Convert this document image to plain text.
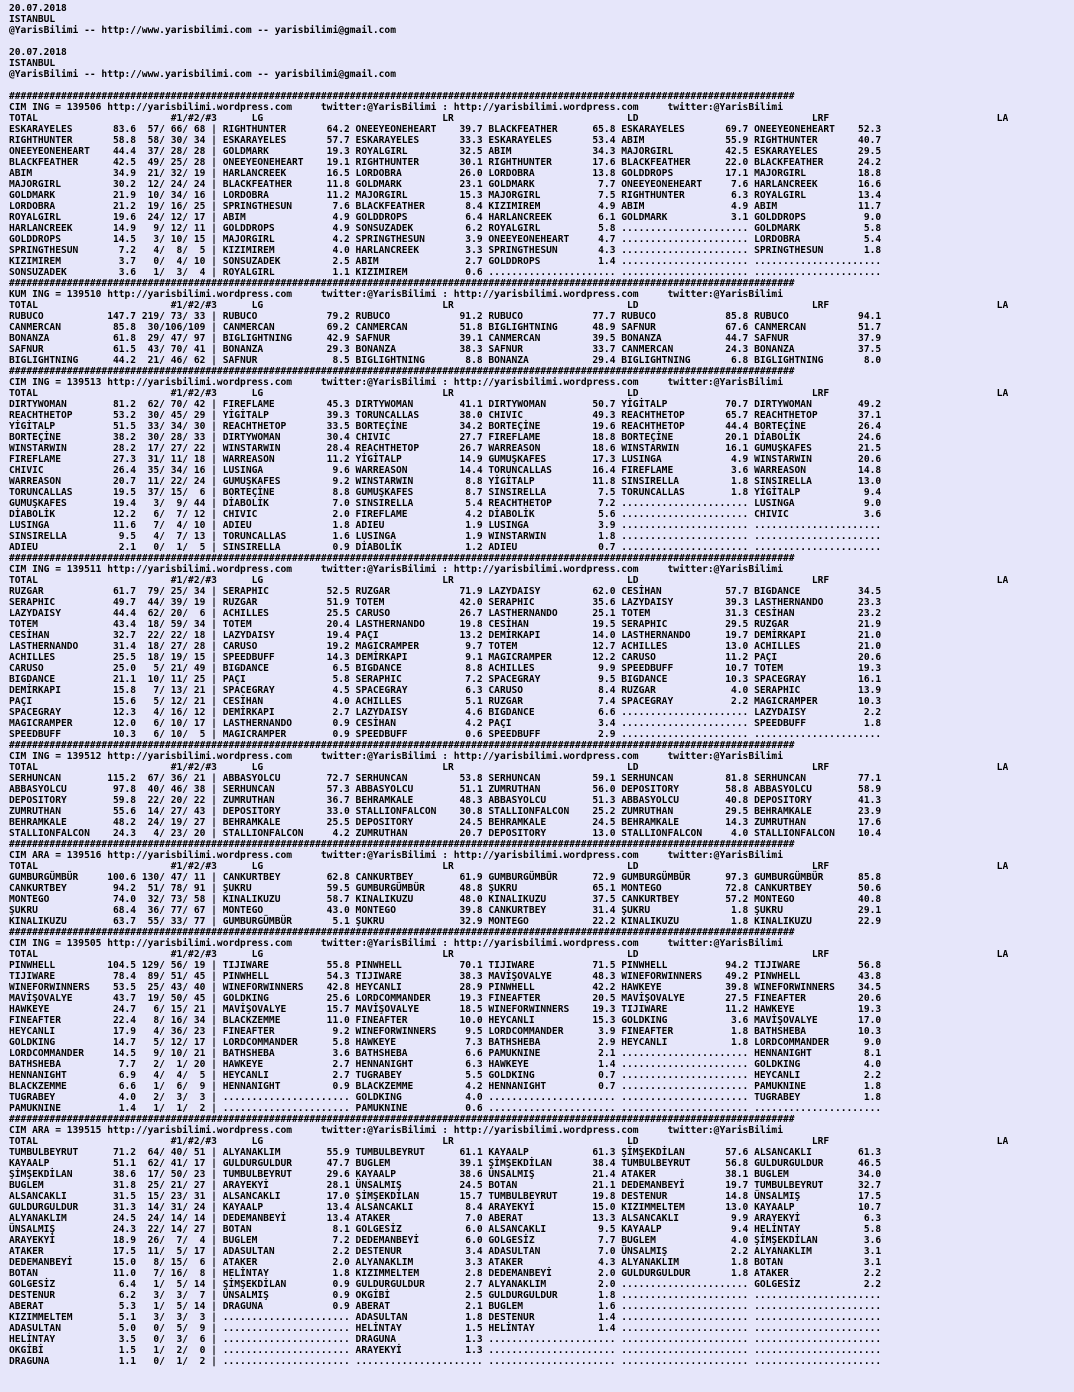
20.07.2018
ISTANBUL
@YarisBilimi -- http://www.yarisbilimi.com -- yarisbilimi@gmail.com

20.07.2018
ISTANBUL
@YarisBilimi -- http://www.yarisbilimi.com -- yarisbilimi@gmail.com

########################################################################################################################################
CIM ING = 139506 http://yarisbilimi.wordpress.com     twitter:@YarisBilimi : http://yarisbilimi.wordpress.com     twitter:@YarisBilimi
TOTAL                       #1/#2/#3      LG                               LR                              LD                              LRF                             LA
ESKARAYELES       83.6  57/ 66/ 68 | RIGHTHUNTER       64.2 ONEEYEONEHEART    39.7 BLACKFEATHER      65.8 ESKARAYELES       69.7 ONEEYEONEHEART    52.3
RIGHTHUNTER       58.8  58/ 30/ 34 | ESKARAYELES       57.7 ESKARAYELES       33.3 ESKARAYELES       53.4 ABIM              55.9 RIGHTHUNTER       40.7
ONEEYEONEHEART    44.4  37/ 28/ 28 | GOLDMARK          19.3 ROYALGIRL         32.5 ABIM              34.3 MAJORGIRL         42.5 ESKARAYELES       29.5
BLACKFEATHER      42.5  49/ 25/ 28 | ONEEYEONEHEART    19.1 RIGHTHUNTER       30.1 RIGHTHUNTER       17.6 BLACKFEATHER      22.0 BLACKFEATHER      24.2
ABIM              34.9  21/ 32/ 19 | HARLANCREEK       16.5 LORDOBRA          26.0 LORDOBRA          13.8 GOLDDROPS         17.1 MAJORGIRL         18.8
MAJORGIRL         30.2  12/ 24/ 24 | BLACKFEATHER      11.8 GOLDMARK          23.1 GOLDMARK           7.7 ONEEYEONEHEART     7.6 HARLANCREEK       16.6
GOLDMARK          21.9  10/ 34/ 16 | LORDOBRA          11.2 MAJORGIRL         15.3 MAJORGIRL          7.5 RIGHTHUNTER        6.3 ROYALGIRL         13.4
LORDOBRA          21.2  19/ 16/ 25 | SPRINGTHESUN       7.6 BLACKFEATHER       8.4 KIZIMIREM          4.9 ABIM               4.9 ABIM              11.7
ROYALGIRL         19.6  24/ 12/ 17 | ABIM               4.9 GOLDDROPS          6.4 HARLANCREEK        6.1 GOLDMARK           3.1 GOLDDROPS          9.0
HARLANCREEK       14.9   9/ 12/ 11 | GOLDDROPS          4.9 SONSUZADEK         6.2 ROYALGIRL          5.8 ...................... GOLDMARK           5.8
GOLDDROPS         14.5   3/ 10/ 15 | MAJORGIRL          4.2 SPRINGTHESUN       3.9 ONEEYEONEHEART     4.7 ...................... LORDOBRA           5.4
SPRINGTHESUN       7.2   4/  8/  5 | KIZIMIREM          4.0 HARLANCREEK        3.3 SPRINGTHESUN       4.3 ...................... SPRINGTHESUN       1.8
KIZIMIREM          3.7   0/  4/ 10 | SONSUZADEK         2.5 ABIM               2.7 GOLDDROPS          1.4 ...................... ......................
SONSUZADEK         3.6   1/  3/  4 | ROYALGIRL          1.1 KIZIMIREM          0.6 ...................... ...................... ......................
########################################################################################################################################
KUM ING = 139510 http://yarisbilimi.wordpress.com     twitter:@YarisBilimi : http://yarisbilimi.wordpress.com     twitter:@YarisBilimi
TOTAL                       #1/#2/#3      LG                               LR                              LD                              LRF                             LA
RUBUCO           147.7 219/ 73/ 33 | RUBUCO            79.2 RUBUCO            91.2 RUBUCO            77.7 RUBUCO            85.8 RUBUCO            94.1
CANMERCAN         85.8  30/106/109 | CANMERCAN         69.2 CANMERCAN         51.8 BIGLIGHTNING      48.9 SAFNUR            67.6 CANMERCAN         51.7
BONANZA           61.8  29/ 47/ 97 | BIGLIGHTNING      42.9 SAFNUR            39.1 CANMERCAN         39.5 BONANZA           44.7 SAFNUR            37.9
SAFNUR            61.5  43/ 70/ 41 | BONANZA           29.3 BONANZA           38.3 SAFNUR            33.7 CANMERCAN         24.3 BONANZA           37.5
BIGLIGHTNING      44.2  21/ 46/ 62 | SAFNUR             8.5 BIGLIGHTNING       8.8 BONANZA           29.4 BIGLIGHTNING       6.8 BIGLIGHTNING       8.0
########################################################################################################################################
CIM ING = 139513 http://yarisbilimi.wordpress.com     twitter:@YarisBilimi : http://yarisbilimi.wordpress.com     twitter:@YarisBilimi
TOTAL                       #1/#2/#3      LG                               LR                              LD                              LRF                             LA
DIRTYWOMAN        81.2  62/ 70/ 42 | FIREFLAME         45.3 DIRTYWOMAN        41.1 DIRTYWOMAN        50.7 YİGİTALP          70.7 DIRTYWOMAN        49.2
REACHTHETOP       53.2  30/ 45/ 29 | YİGİTALP          39.3 TORUNCALLAS       38.0 CHIVIC            49.3 REACHTHETOP       65.7 REACHTHETOP       37.1
YİGİTALP          51.5  33/ 34/ 30 | REACHTHETOP       33.5 BORTEÇİNE         34.2 BORTEÇİNE         19.6 REACHTHETOP       44.4 BORTEÇİNE         26.4
BORTEÇİNE         38.2  30/ 28/ 33 | DIRTYWOMAN        30.4 CHIVIC            27.7 FIREFLAME         18.8 BORTEÇİNE         20.1 DİABOLİK          24.6
WINSTARWIN        28.2  17/ 27/ 22 | WINSTARWIN        28.4 REACHTHETOP       26.7 WARREASON         18.6 WINSTARWIN        16.1 GUMUŞKAFES        21.5
FIREFLAME         27.3  31/ 11/ 18 | WARREASON         11.2 YİGİTALP          14.9 GUMUŞKAFES        17.3 LUSINGA            4.9 WINSTARWIN        20.6
CHIVIC            26.4  35/ 34/ 16 | LUSINGA            9.6 WARREASON         14.4 TORUNCALLAS       16.4 FIREFLAME          3.6 WARREASON         14.8
WARREASON         20.7  11/ 22/ 24 | GUMUŞKAFES         9.2 WINSTARWIN         8.8 YİGİTALP          11.8 SINSIRELLA         1.8 SINSIRELLA        13.0
TORUNCALLAS       19.5  37/ 15/  6 | BORTEÇİNE          8.8 GUMUŞKAFES         8.7 SINSIRELLA         7.5 TORUNCALLAS        1.8 YİGİTALP           9.4
GUMUŞKAFES        19.4   3/  9/ 44 | DİABOLİK           7.0 SINSIRELLA         5.4 REACHTHETOP        7.2 ...................... LUSINGA            9.0
DİABOLİK          12.2   6/  7/ 12 | CHIVIC             2.0 FIREFLAME          4.2 DİABOLİK           5.6 ...................... CHIVIC             3.6
LUSINGA           11.6   7/  4/ 10 | ADIEU              1.8 ADIEU              1.9 LUSINGA            3.9 ...................... ......................
SINSIRELLA         9.5   4/  7/ 13 | TORUNCALLAS        1.6 LUSINGA            1.9 WINSTARWIN         1.8 ...................... ......................
ADIEU              2.1   0/  1/  5 | SINSIRELLA         0.9 DİABOLİK           1.2 ADIEU              0.7 ...................... ......................
########################################################################################################################################
CIM ING = 139511 http://yarisbilimi.wordpress.com     twitter:@YarisBilimi : http://yarisbilimi.wordpress.com     twitter:@YarisBilimi
TOTAL                       #1/#2/#3      LG                               LR                              LD                              LRF                             LA
RUZGAR            61.7  79/ 25/ 34 | SERAPHIC          52.5 RUZGAR            71.9 LAZYDAISY         62.0 CESİHAN           57.7 BIGDANCE          34.5
SERAPHIC          49.7  44/ 39/ 19 | RUZGAR            51.9 TOTEM             42.0 SERAPHIC          35.6 LAZYDAISY         39.3 LASTHERNANDO      23.3
LAZYDAISY         44.4  62/ 20/  6 | ACHILLES          25.5 CARUSO            26.7 LASTHERNANDO      25.1 TOTEM             31.3 CESİHAN           23.2
TOTEM             43.4  18/ 59/ 34 | TOTEM             20.4 LASTHERNANDO      19.8 CESİHAN           19.5 SERAPHIC          29.5 RUZGAR            21.9
CESİHAN           32.7  22/ 22/ 18 | LAZYDAISY         19.4 PAÇI              13.2 DEMİRKAPI         14.0 LASTHERNANDO      19.7 DEMİRKAPI         21.0
LASTHERNANDO      31.4  18/ 27/ 28 | CARUSO            19.2 MAGICRAMPER        9.7 TOTEM             12.7 ACHILLES          13.0 ACHILLES          21.0
ACHILLES          25.5  18/ 19/ 15 | SPEEDBUFF         14.3 DEMİRKAPI          9.1 MAGICRAMPER       12.2 CARUSO            11.2 PAÇI              20.6
CARUSO            25.0   5/ 21/ 49 | BIGDANCE           6.5 BIGDANCE           8.8 ACHILLES           9.9 SPEEDBUFF         10.7 TOTEM             19.3
BIGDANCE          21.1  10/ 11/ 25 | PAÇI               5.8 SERAPHIC           7.2 SPACEGRAY          9.5 BIGDANCE          10.3 SPACEGRAY         16.1
DEMİRKAPI         15.8   7/ 13/ 21 | SPACEGRAY          4.5 SPACEGRAY          6.3 CARUSO             8.4 RUZGAR             4.0 SERAPHIC          13.9
PAÇI              15.6   5/ 12/ 21 | CESİHAN            4.0 ACHILLES           5.1 RUZGAR             7.4 SPACEGRAY          2.2 MAGICRAMPER       10.3
SPACEGRAY         12.3   4/ 16/ 12 | DEMİRKAPI          2.7 LAZYDAISY          4.6 BIGDANCE           6.6 ...................... LAZYDAISY          2.2
MAGICRAMPER       12.0   6/ 10/ 17 | LASTHERNANDO       0.9 CESİHAN            4.2 PAÇI               3.4 ...................... SPEEDBUFF          1.8
SPEEDBUFF         10.3   6/ 10/  5 | MAGICRAMPER        0.9 SPEEDBUFF          0.6 SPEEDBUFF          2.9 ...................... ......................
########################################################################################################################################
CIM ING = 139512 http://yarisbilimi.wordpress.com     twitter:@YarisBilimi : http://yarisbilimi.wordpress.com     twitter:@YarisBilimi
TOTAL                       #1/#2/#3      LG                               LR                              LD                              LRF                             LA
SERHUNCAN        115.2  67/ 36/ 21 | ABBASYOLCU        72.7 SERHUNCAN         53.8 SERHUNCAN         59.1 SERHUNCAN         81.8 SERHUNCAN         77.1
ABBASYOLCU        97.8  40/ 46/ 38 | SERHUNCAN         57.3 ABBASYOLCU        51.1 ZUMRUTHAN         56.0 DEPOSITORY        58.8 ABBASYOLCU        58.9
DEPOSITORY        59.8  22/ 20/ 22 | ZUMRUTHAN         36.7 BEHRAMKALE        48.3 ABBASYOLCU        51.3 ABBASYOLCU        40.8 DEPOSITORY        41.3
ZUMRUTHAN         55.6  14/ 27/ 43 | DEPOSITORY        33.0 STALLIONFALCON    30.8 STALLIONFALCON    25.2 ZUMRUTHAN         29.5 BEHRAMKALE        23.9
BEHRAMKALE        48.2  24/ 19/ 27 | BEHRAMKALE        25.5 DEPOSITORY        24.5 BEHRAMKALE        24.5 BEHRAMKALE        14.3 ZUMRUTHAN         17.6
STALLIONFALCON    24.3   4/ 23/ 20 | STALLIONFALCON     4.2 ZUMRUTHAN         20.7 DEPOSITORY        13.0 STALLIONFALCON     4.0 STALLIONFALCON    10.4
########################################################################################################################################
CIM ARA = 139516 http://yarisbilimi.wordpress.com     twitter:@YarisBilimi : http://yarisbilimi.wordpress.com     twitter:@YarisBilimi
TOTAL                       #1/#2/#3      LG                               LR                              LD                              LRF                             LA
GUMBURGÜMBÜR     100.6 130/ 47/ 11 | CANKURTBEY        62.8 CANKURTBEY        61.9 GUMBURGÜMBÜR      72.9 GUMBURGÜMBÜR      97.3 GUMBURGÜMBÜR      85.8
CANKURTBEY        94.2  51/ 78/ 91 | ŞUKRU             59.5 GUMBURGÜMBÜR      48.8 ŞUKRU             65.1 MONTEGO           72.8 CANKURTBEY        50.6
MONTEGO           74.0  32/ 73/ 58 | KINALIKUZU        58.7 KINALIKUZU        48.0 KINALIKUZU        37.5 CANKURTBEY        57.2 MONTEGO           40.8
ŞUKRU             68.4  36/ 77/ 67 | MONTEGO           43.0 MONTEGO           39.8 CANKURTBEY        31.4 ŞUKRU              1.8 ŞUKRU             29.1
KINALIKUZU        63.7  55/ 33/ 77 | GUMBURGÜMBÜR       5.1 ŞUKRU             32.9 MONTEGO           22.2 KINALIKUZU         1.8 KINALIKUZU        22.9
########################################################################################################################################
CIM ING = 139505 http://yarisbilimi.wordpress.com     twitter:@YarisBilimi : http://yarisbilimi.wordpress.com     twitter:@YarisBilimi
TOTAL                       #1/#2/#3      LG                               LR                              LD                              LRF                             LA
PINWHELL         104.5 129/ 56/ 19 | TIJIWARE          55.8 PINWHELL          70.1 TIJIWARE          71.5 PINWHELL          94.2 TIJIWARE          56.8
TIJIWARE          78.4  89/ 51/ 45 | PINWHELL          54.3 TIJIWARE          38.3 MAVİŞOVALYE       48.3 WINEFORWINNERS    49.2 PINWHELL          43.8
WINEFORWINNERS    53.5  25/ 43/ 40 | WINEFORWINNERS    42.8 HEYCANLI          28.9 PINWHELL          42.2 HAWKEYE           39.8 WINEFORWINNERS    34.5
MAVİŞOVALYE       43.7  19/ 50/ 45 | GOLDKING          25.6 LORDCOMMANDER     19.3 FINEAFTER         20.5 MAVİŞOVALYE       27.5 FINEAFTER         20.6
HAWKEYE           24.7   6/ 15/ 21 | MAVİŞOVALYE       15.7 MAVİŞOVALYE       18.5 WINEFORWINNERS    19.3 TIJIWARE          11.2 HAWKEYE           19.3
FINEAFTER         22.4   8/ 16/ 34 | BLACKZEMME        11.0 FINEAFTER         10.0 HEYCANLI          15.3 GOLDKING           3.6 MAVİŞOVALYE       17.0
HEYCANLI          17.9   4/ 36/ 23 | FINEAFTER          9.2 WINEFORWINNERS     9.5 LORDCOMMANDER      3.9 FINEAFTER          1.8 BATHSHEBA         10.3
GOLDKING          14.7   5/ 12/ 17 | LORDCOMMANDER      5.8 HAWKEYE            7.3 BATHSHEBA          2.9 HEYCANLI           1.8 LORDCOMMANDER      9.0
LORDCOMMANDER     14.5   9/ 10/ 21 | BATHSHEBA          3.6 BATHSHEBA          6.6 PAMUKNINE          2.1 ...................... HENNANIGHT         8.1
BATHSHEBA          7.7   2/  1/ 20 | HAWKEYE            2.7 HENNANIGHT         6.3 HAWKEYE            1.4 ...................... GOLDKING           4.0
HENNANIGHT         6.9   4/  4/  5 | HEYCANLI           2.7 TUGRABEY           5.5 GOLDKING           0.7 ...................... HEYCANLI           2.2
BLACKZEMME         6.6   1/  6/  9 | HENNANIGHT         0.9 BLACKZEMME         4.2 HENNANIGHT         0.7 ...................... PAMUKNINE          1.8
TUGRABEY           4.0   2/  3/  3 | ...................... GOLDKING           4.0 ...................... ...................... TUGRABEY           1.8
PAMUKNINE          1.4   1/  1/  2 | ...................... PAMUKNINE          0.6 ...................... ...................... ......................
########################################################################################################################################
CIM ARA = 139515 http://yarisbilimi.wordpress.com     twitter:@YarisBilimi : http://yarisbilimi.wordpress.com     twitter:@YarisBilimi
TOTAL                       #1/#2/#3      LG                               LR                              LD                              LRF                             LA
TUMBULBEYRUT      71.2  64/ 40/ 51 | ALYANAKLIM        55.9 TUMBULBEYRUT      61.1 KAYAALP           61.3 ŞİMŞEKDİLAN       57.6 ALSANCAKLI        61.3
KAYAALP           51.1  62/ 41/ 17 | GULDURGULDUR      47.7 BUGLEM            39.1 ŞİMŞEKDİLAN       38.4 TUMBULBEYRUT      56.8 GULDURGULDUR      46.5
ŞİMŞEKDİLAN       38.6  17/ 50/ 23 | TUMBULBEYRUT      29.6 KAYAALP           38.6 ÜNSALMIŞ          21.4 ATAKER            38.1 BUGLEM            34.0
BUGLEM            31.8  25/ 21/ 27 | ARAYEKYİ          28.1 ÜNSALMIŞ          24.5 BOTAN             21.1 DEDEMANBEYİ       19.7 TUMBULBEYRUT      32.7
ALSANCAKLI        31.5  15/ 23/ 31 | ALSANCAKLI        17.0 ŞİMŞEKDİLAN       15.7 TUMBULBEYRUT      19.8 DESTENUR          14.8 ÜNSALMIŞ          17.5
GULDURGULDUR      31.3  14/ 31/ 24 | KAYAALP           13.4 ALSANCAKLI         8.4 ARAYEKYİ          15.0 KIZIMMELTEM       13.0 KAYAALP           10.7
ALYANAKLIM        24.5  24/ 14/ 14 | DEDEMANBEYİ       13.4 ATAKER             7.0 ABERAT            13.3 ALSANCAKLI         9.9 ARAYEKYİ           6.3
ÜNSALMIŞ          24.3  22/ 14/ 27 | BOTAN              8.1 GOLGESİZ           6.0 ALSANCAKLI         9.5 KAYAALP            9.4 HELİNTAY           5.8
ARAYEKYİ          18.9  26/  7/  4 | BUGLEM             7.2 DEDEMANBEYİ        6.0 GOLGESİZ           7.7 BUGLEM             4.0 ŞİMŞEKDİLAN        3.6
ATAKER            17.5  11/  5/ 17 | ADASULTAN          2.2 DESTENUR           3.4 ADASULTAN          7.0 ÜNSALMIŞ           2.2 ALYANAKLIM         3.1
DEDEMANBEYİ       15.0   8/ 15/  6 | ATAKER             2.0 ALYANAKLIM         3.3 ATAKER             4.3 ALYANAKLIM         1.8 BOTAN              3.1
BOTAN             11.0   7/ 16/  8 | HELİNTAY           1.8 KIZIMMELTEM        2.8 DEDEMANBEYİ        2.0 GULDURGULDUR       1.8 ATAKER             2.2
GOLGESİZ           6.4   1/  5/ 14 | ŞİMŞEKDİLAN        0.9 GULDURGULDUR       2.7 ALYANAKLIM         2.0 ...................... GOLGESİZ           2.2
DESTENUR           6.2   3/  3/  7 | ÜNSALMIŞ           0.9 OKGİBİ             2.5 GULDURGULDUR       1.8 ...................... ......................
ABERAT             5.3   1/  5/ 14 | DRAGUNA            0.9 ABERAT             2.1 BUGLEM             1.6 ...................... ......................
KIZIMMELTEM        5.1   3/  3/  3 | ...................... ADASULTAN          1.8 DESTENUR           1.4 ...................... ......................
ADASULTAN          5.0   0/  5/  9 | ...................... HELİNTAY           1.5 HELİNTAY           1.4 ...................... ......................
HELİNTAY           3.5   0/  3/  6 | ...................... DRAGUNA            1.3 ...................... ...................... ......................
OKGİBİ             1.5   1/  2/  0 | ...................... ARAYEKYİ           1.3 ...................... ...................... ......................
DRAGUNA            1.1   0/  1/  2 | ...................... ...................... ...................... ...................... ......................
